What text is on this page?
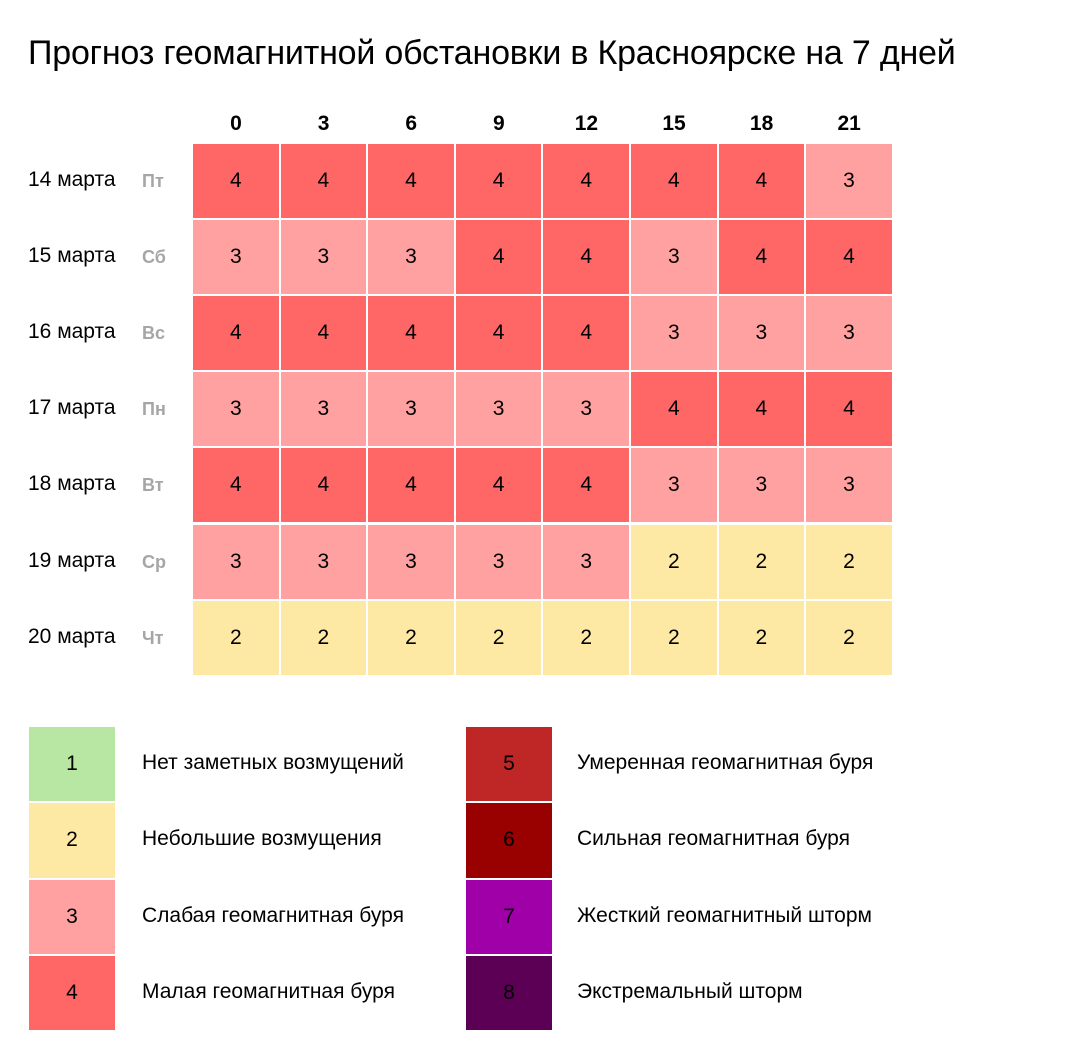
Прогноз геомагнитной обстановки в Красноярске на 7 дней
0	3	6	9	12	15	18	21
14 марта	Пт	4	4	4	4	4	4	4	3
15 марта	Сб	3	3	3	4	4	3	4	4
16 марта	Вс	4	4	4	4	4	3	3	3
17 марта	Пн	3	3	3	3	3	4	4	4
18 марта	Вт	4	4	4	4	4	3	3	3
19 марта	Ср	3	3	3	3	3	2	2	2
20 марта	Чт	2	2	2	2	2	2	2	2
1	Нет заметных возмущений
2	Небольшие возмущения
3	Слабая геомагнитная буря
4	Малая геомагнитная буря
5	Умеренная геомагнитная буря
6	Сильная геомагнитная буря
7	Жесткий геомагнитный шторм
8	Экстремальный шторм
